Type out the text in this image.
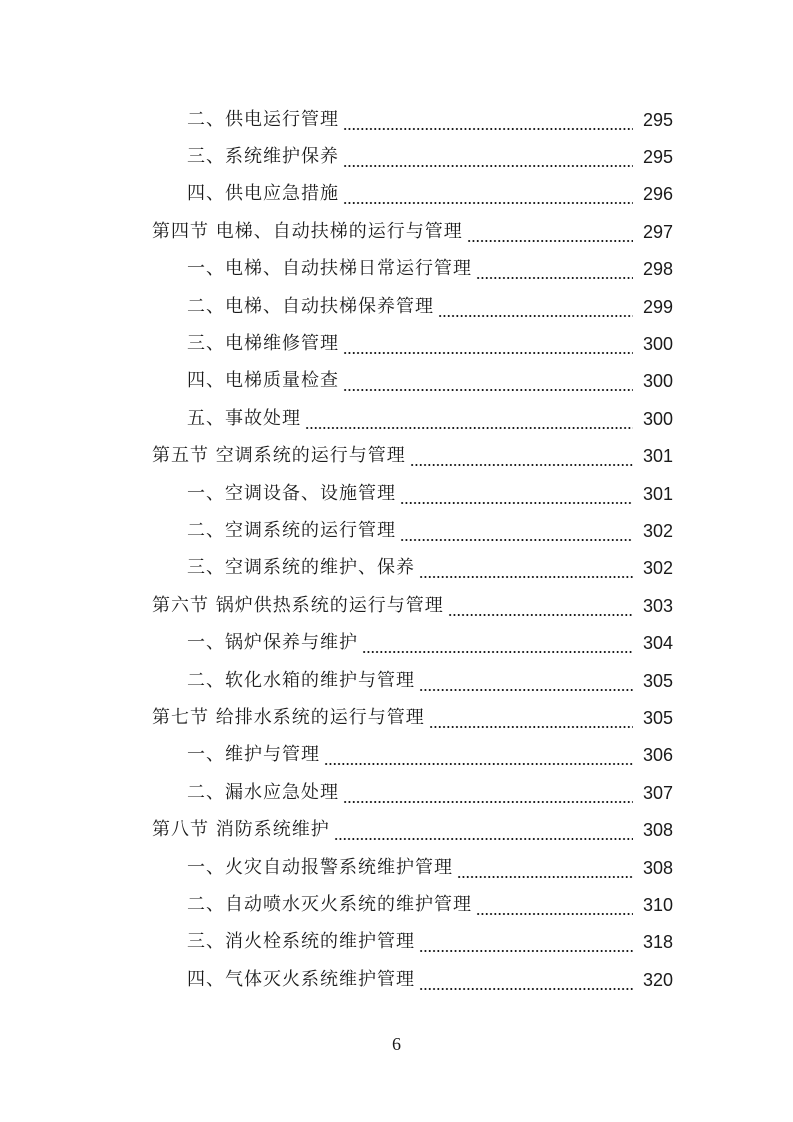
二、供电运行管理	295
三、系统维护保养	295
四、供电应急措施	296
第四节 电梯、自动扶梯的运行与管理	297
一、电梯、自动扶梯日常运行管理	298
二、电梯、自动扶梯保养管理	299
三、电梯维修管理	300
四、电梯质量检查	300
五、事故处理	300
第五节 空调系统的运行与管理	301
一、空调设备、设施管理	301
二、空调系统的运行管理	302
三、空调系统的维护、保养	302
第六节 锅炉供热系统的运行与管理	303
一、锅炉保养与维护	304
二、软化水箱的维护与管理	305
第七节 给排水系统的运行与管理	305
一、维护与管理	306
二、漏水应急处理	307
第八节 消防系统维护	308
一、火灾自动报警系统维护管理	308
二、自动喷水灭火系统的维护管理	310
三、消火栓系统的维护管理	318
四、气体灭火系统维护管理	320
6
